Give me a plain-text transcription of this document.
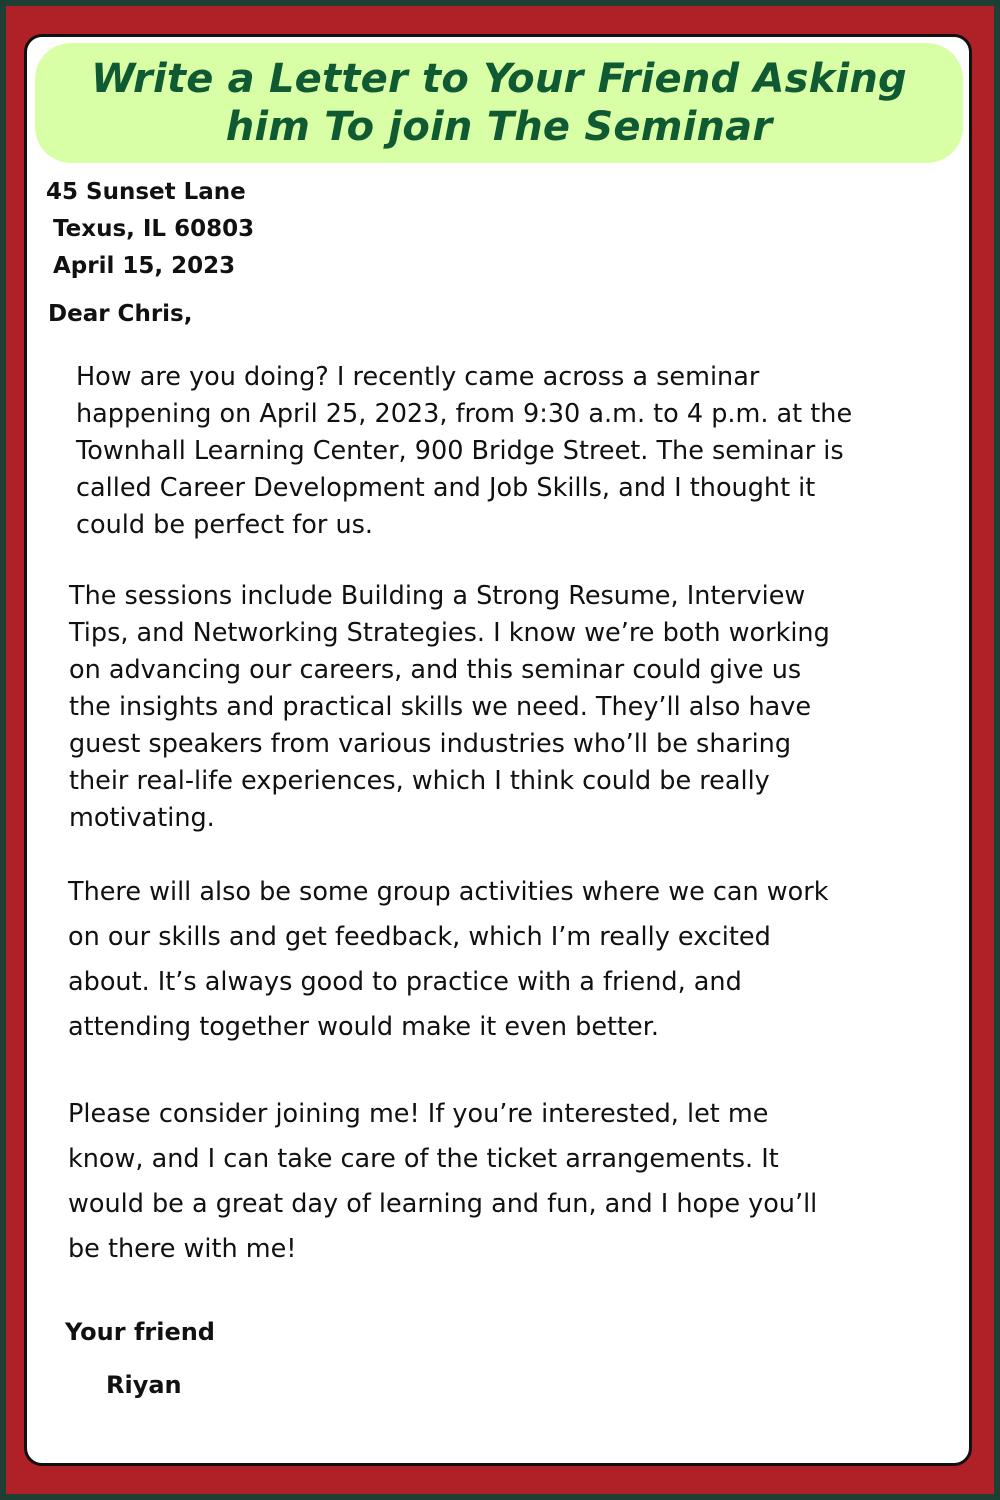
Write a Letter to Your Friend Asking
him To join The Seminar
45 Sunset Lane
Texus, IL 60803
April 15, 2023
Dear Chris,
How are you doing? I recently came across a seminar
happening on April 25, 2023, from 9:30 a.m. to 4 p.m. at the
Townhall Learning Center, 900 Bridge Street. The seminar is
called Career Development and Job Skills, and I thought it
could be perfect for us.
The sessions include Building a Strong Resume, Interview
Tips, and Networking Strategies. I know we’re both working
on advancing our careers, and this seminar could give us
the insights and practical skills we need. They’ll also have
guest speakers from various industries who’ll be sharing
their real-life experiences, which I think could be really
motivating.
There will also be some group activities where we can work
on our skills and get feedback, which I’m really excited
about. It’s always good to practice with a friend, and
attending together would make it even better.
Please consider joining me! If you’re interested, let me
know, and I can take care of the ticket arrangements. It
would be a great day of learning and fun, and I hope you’ll
be there with me!
Your friend
Riyan
